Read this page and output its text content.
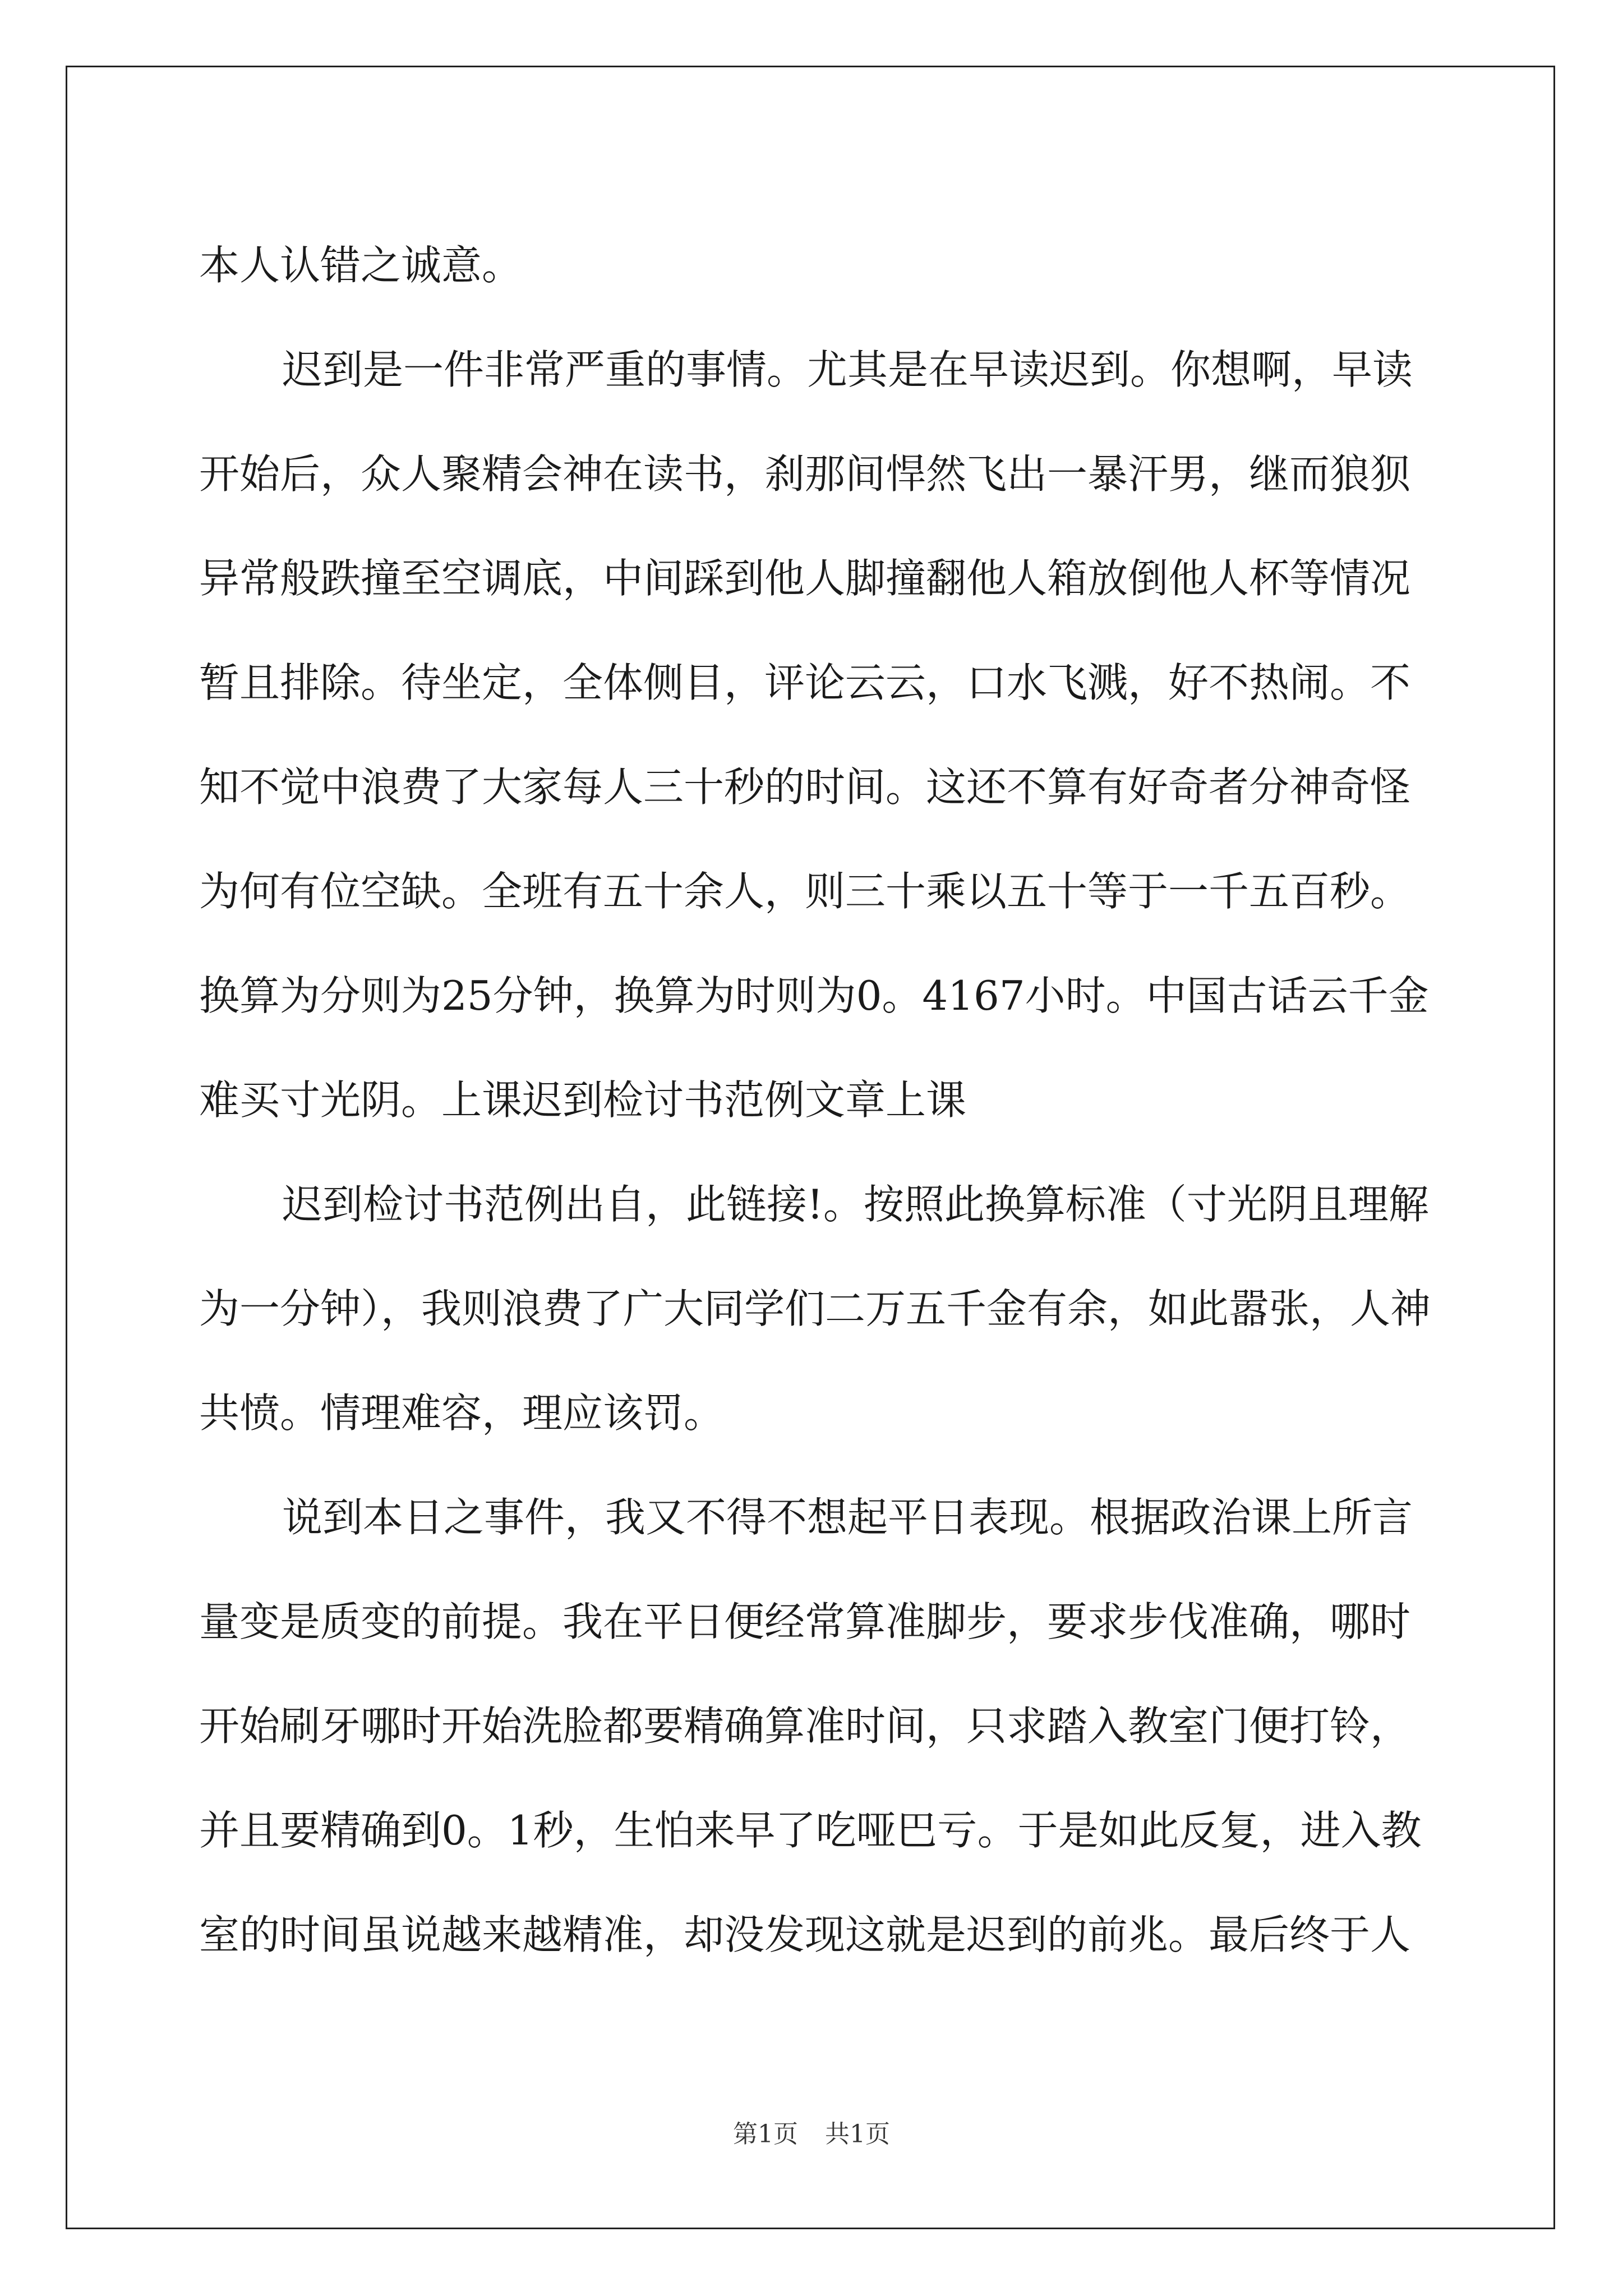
本人认错之诚意。
迟到是一件非常严重的事情。尤其是在早读迟到。你想啊，早读
开始后，众人聚精会神在读书，刹那间悍然飞出一暴汗男，继而狼狈
异常般跌撞至空调底，中间踩到他人脚撞翻他人箱放倒他人杯等情况
暂且排除。待坐定，全体侧目，评论云云，口水飞溅，好不热闹。不
知不觉中浪费了大家每人三十秒的时间。这还不算有好奇者分神奇怪
为何有位空缺。全班有五十余人，则三十乘以五十等于一千五百秒。
换算为分则为25分钟，换算为时则为0。4167小时。中国古话云千金
难买寸光阴。上课迟到检讨书范例文章上课
迟到检讨书范例出自，此链接!。按照此换算标准（寸光阴且理解
为一分钟），我则浪费了广大同学们二万五千金有余，如此嚣张，人神
共愤。情理难容，理应该罚。
说到本日之事件，我又不得不想起平日表现。根据政治课上所言
量变是质变的前提。我在平日便经常算准脚步，要求步伐准确，哪时
开始刷牙哪时开始洗脸都要精确算准时间，只求踏入教室门便打铃，
并且要精确到0。1秒，生怕来早了吃哑巴亏。于是如此反复，进入教
室的时间虽说越来越精准，却没发现这就是迟到的前兆。最后终于人
第1页 共1页
